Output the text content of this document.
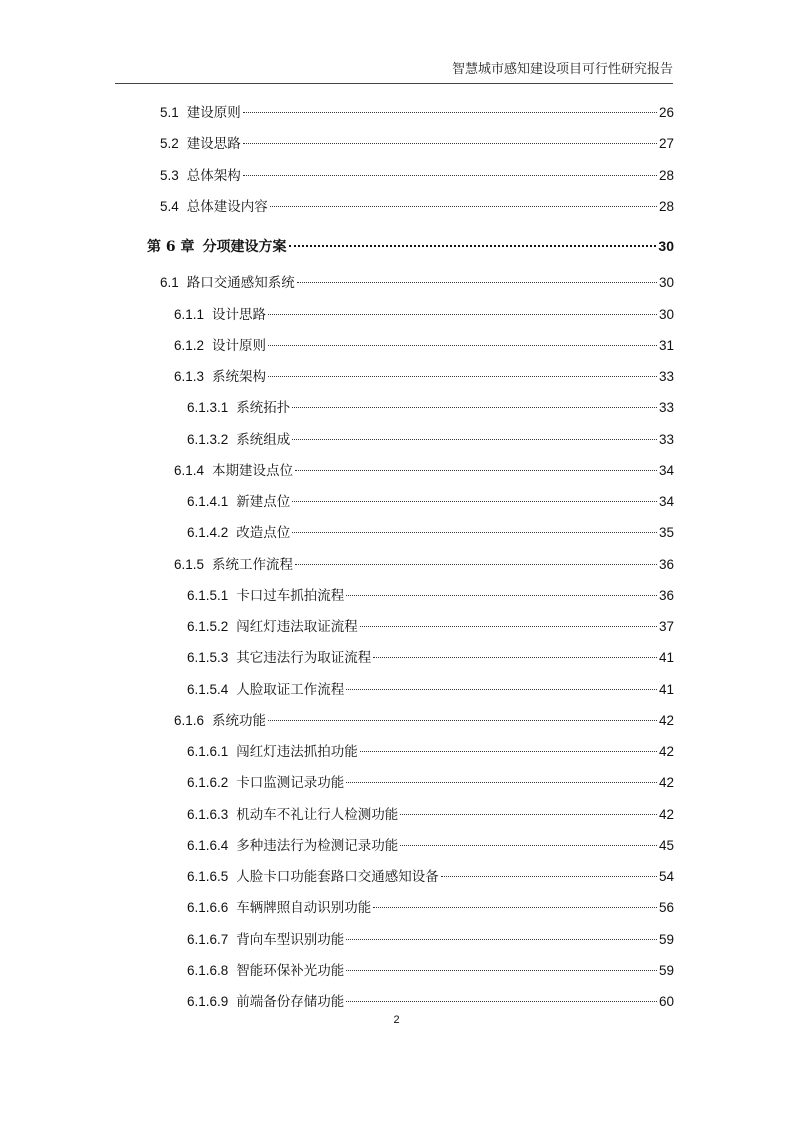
智慧城市感知建设项目可行性研究报告
5.1 建设原则	26
5.2 建设思路	27
5.3 总体架构	28
5.4 总体建设内容	28
第 6 章 分项建设方案	30
6.1 路口交通感知系统	30
6.1.1 设计思路	30
6.1.2 设计原则	31
6.1.3 系统架构	33
6.1.3.1 系统拓扑	33
6.1.3.2 系统组成	33
6.1.4 本期建设点位	34
6.1.4.1 新建点位	34
6.1.4.2 改造点位	35
6.1.5 系统工作流程	36
6.1.5.1 卡口过车抓拍流程	36
6.1.5.2 闯红灯违法取证流程	37
6.1.5.3 其它违法行为取证流程	41
6.1.5.4 人脸取证工作流程	41
6.1.6 系统功能	42
6.1.6.1 闯红灯违法抓拍功能	42
6.1.6.2 卡口监测记录功能	42
6.1.6.3 机动车不礼让行人检测功能	42
6.1.6.4 多种违法行为检测记录功能	45
6.1.6.5 人脸卡口功能套路口交通感知设备	54
6.1.6.6 车辆牌照自动识别功能	56
6.1.6.7 背向车型识别功能	59
6.1.6.8 智能环保补光功能	59
6.1.6.9 前端备份存储功能	60
2
